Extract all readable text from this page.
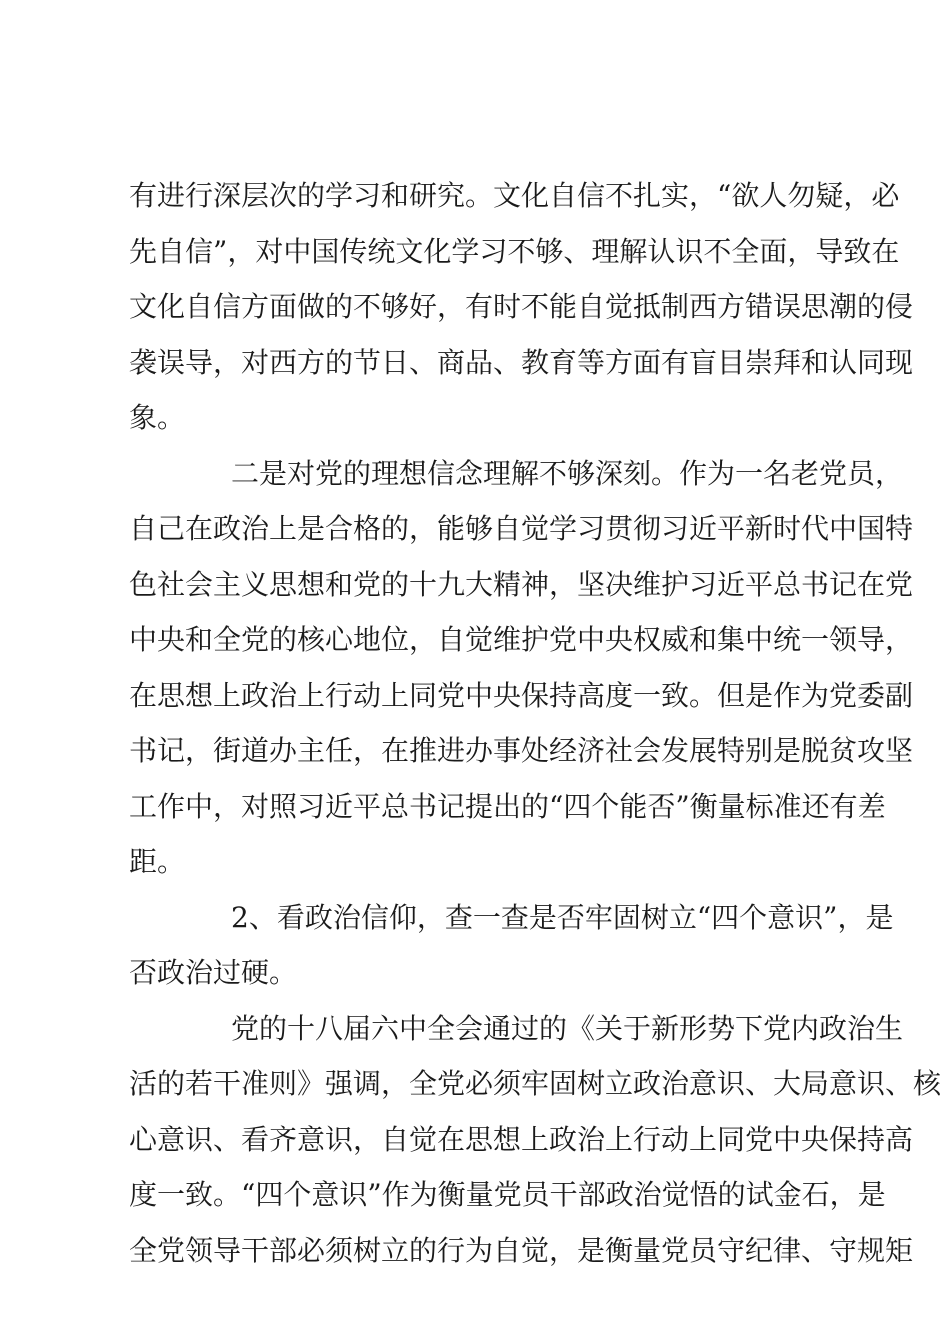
有进行深层次的学习和研究。文化自信不扎实，“欲人勿疑，必
先自信”，对中国传统文化学习不够、理解认识不全面，导致在
文化自信方面做的不够好，有时不能自觉抵制西方错误思潮的侵
袭误导，对西方的节日、商品、教育等方面有盲目崇拜和认同现
象。
二是对党的理想信念理解不够深刻。作为一名老党员，
自己在政治上是合格的，能够自觉学习贯彻习近平新时代中国特
色社会主义思想和党的十九大精神，坚决维护习近平总书记在党
中央和全党的核心地位，自觉维护党中央权威和集中统一领导，
在思想上政治上行动上同党中央保持高度一致。但是作为党委副
书记，街道办主任，在推进办事处经济社会发展特别是脱贫攻坚
工作中，对照习近平总书记提出的“四个能否”衡量标准还有差
距。
2、看政治信仰，查一查是否牢固树立“四个意识”，是
否政治过硬。
党的十八届六中全会通过的《关于新形势下党内政治生
活的若干准则》强调，全党必须牢固树立政治意识、大局意识、核
心意识、看齐意识，自觉在思想上政治上行动上同党中央保持高
度一致。“四个意识”作为衡量党员干部政治觉悟的试金石，是
全党领导干部必须树立的行为自觉，是衡量党员守纪律、守规矩
